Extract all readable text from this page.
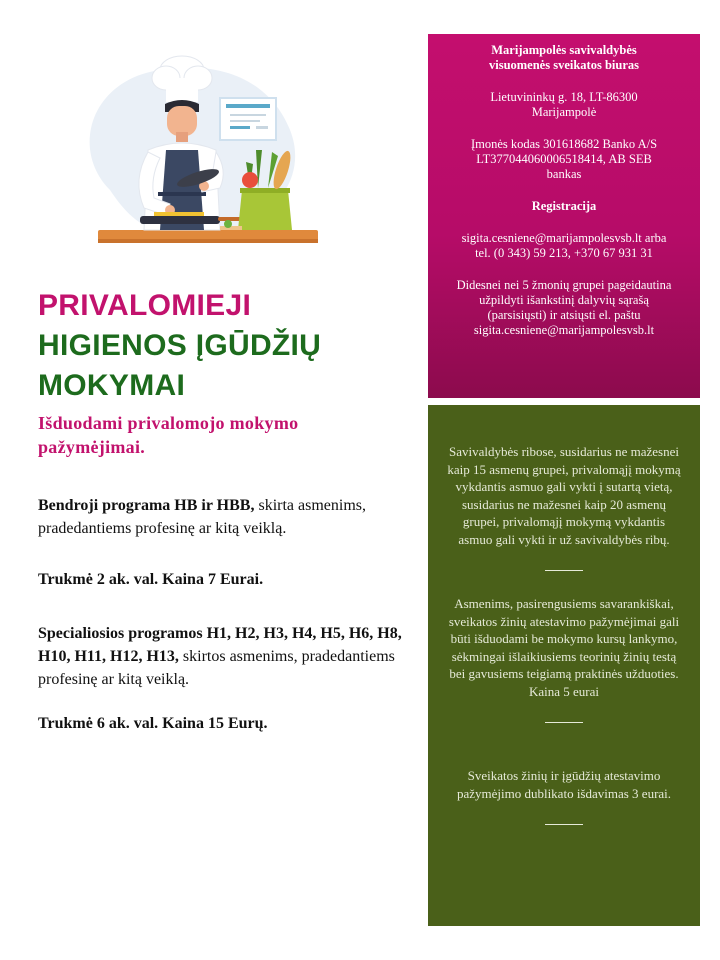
PRIVALOMIEJI
HIGIENOS ĮGŪDŽIŲ
MOKYMAI
Išduodami privalomojo mokymo pažymėjimai.
Bendroji programa HB ir HBB, skirta asmenims, pradedantiems profesinę ar kitą veiklą.
Trukmė 2 ak. val. Kaina 7 Eurai.
Specialiosios programos H1, H2, H3, H4, H5, H6, H8, H10, H11, H12, H13, skirtos asmenims, pradedantiems profesinę ar kitą veiklą.
Trukmė 6 ak. val. Kaina 15 Eurų.

Marijampolės savivaldybės

visuomenės sveikatos biuras

Lietuvininkų g. 18, LT-86300

Marijampolė

Įmonės kodas 301618682 Banko A/S

LT377044060006518414, AB SEB

bankas

Registracija

sigita.cesniene@marijampolesvsb.lt arba

tel. (0 343) 59 213, +370 67 931 31

Didesnei nei 5 žmonių grupei pageidautina

užpildyti išankstinį dalyvių sąrašą

(parsisiųsti) ir atsiųsti el. paštu

sigita.cesniene@marijampolesvsb.lt

Savivaldybės ribose, susidarius ne mažesnei kaip 15 asmenų grupei, privalomąjį mokymą vykdantis asmuo gali vykti į sutartą vietą, susidarius ne mažesnei kaip 20 asmenų grupei, privalomąjį mokymą vykdantis asmuo gali vykti ir už savivaldybės ribų.

Asmenims, pasirengusiems savarankiškai, sveikatos žinių atestavimo pažymėjimai gali būti išduodami be mokymo kursų lankymo, sėkmingai išlaikiusiems teorinių žinių testą bei gavusiems teigiamą praktinės užduoties. Kaina 5 eurai

Sveikatos žinių ir įgūdžių atestavimo pažymėjimo dublikato išdavimas 3 eurai.
